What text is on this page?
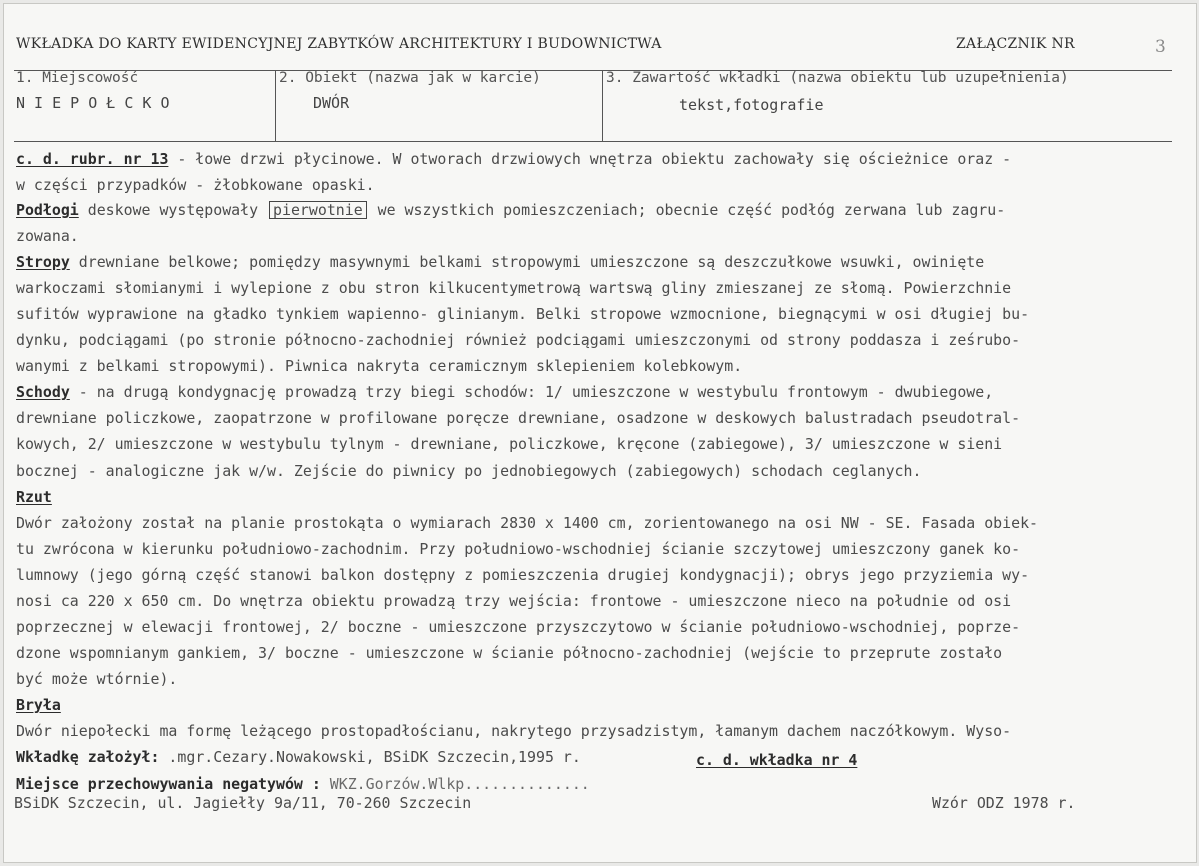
WKŁADKA DO KARTY EWIDENCYJNEJ ZABYTKÓW ARCHITEKTURY I BUDOWNICTWA	ZAŁĄCZNIK NR	3
1. Miejscowość
N I E P O Ł C K O
2. Obiekt (nazwa jak w karcie)
DWÓR
3. Zawartość wkładki (nazwa obiektu lub uzupełnienia)
tekst,fotografie
c. d. rubr. nr 13 - łowe drzwi płycinowe. W otworach drzwiowych wnętrza obiektu zachowały się ościeżnice oraz -
w części przypadków - żłobkowane opaski.
Podłogi deskowe występowały pierwotnie we wszystkich pomieszczeniach; obecnie część podłóg zerwana lub zagru-
zowana.
Stropy drewniane belkowe; pomiędzy masywnymi belkami stropowymi umieszczone są deszczułkowe wsuwki, owinięte
warkoczami słomianymi i wylepione z obu stron kilkucentymetrową wartswą gliny zmieszanej ze słomą. Powierzchnie
sufitów wyprawione na gładko tynkiem wapienno- glinianym. Belki stropowe wzmocnione, biegnącymi w osi długiej bu-
dynku, podciągami (po stronie północno-zachodniej również podciągami umieszczonymi od strony poddasza i ześrubo-
wanymi z belkami stropowymi). Piwnica nakryta ceramicznym sklepieniem kolebkowym.
Schody - na drugą kondygnację prowadzą trzy biegi schodów: 1/ umieszczone w westybulu frontowym - dwubiegowe,
drewniane policzkowe, zaopatrzone w profilowane poręcze drewniane, osadzone w deskowych balustradach pseudotral-
kowych, 2/ umieszczone w westybulu tylnym - drewniane, policzkowe, kręcone (zabiegowe), 3/ umieszczone w sieni
bocznej - analogiczne jak w/w. Zejście do piwnicy po jednobiegowych (zabiegowych) schodach ceglanych.
Rzut
Dwór założony został na planie prostokąta o wymiarach 2830 x 1400 cm, zorientowanego na osi NW - SE. Fasada obiek-
tu zwrócona w kierunku południowo-zachodnim. Przy południowo-wschodniej ścianie szczytowej umieszczony ganek ko-
lumnowy (jego górną część stanowi balkon dostępny z pomieszczenia drugiej kondygnacji); obrys jego przyziemia wy-
nosi ca 220 x 650 cm. Do wnętrza obiektu prowadzą trzy wejścia: frontowe - umieszczone nieco na południe od osi
poprzecznej w elewacji frontowej, 2/ boczne - umieszczone przyszczytowo w ścianie południowo-wschodniej, poprze-
dzone wspomnianym gankiem, 3/ boczne - umieszczone w ścianie północno-zachodniej (wejście to przeprute zostało
być może wtórnie).
Bryła
Dwór niepołecki ma formę leżącego prostopadłościanu, nakrytego przysadzistym, łamanym dachem naczółkowym. Wyso-
Wkładkę założył: .mgr.Cezary.Nowakowski, BSiDK Szczecin,1995 r.	c. d. wkładka nr 4
Miejsce przechowywania negatywów : WKZ.Gorzów.Wlkp..............
BSiDK Szczecin, ul. Jagiełły 9a/11, 70-260 Szczecin	Wzór ODZ 1978 r.
